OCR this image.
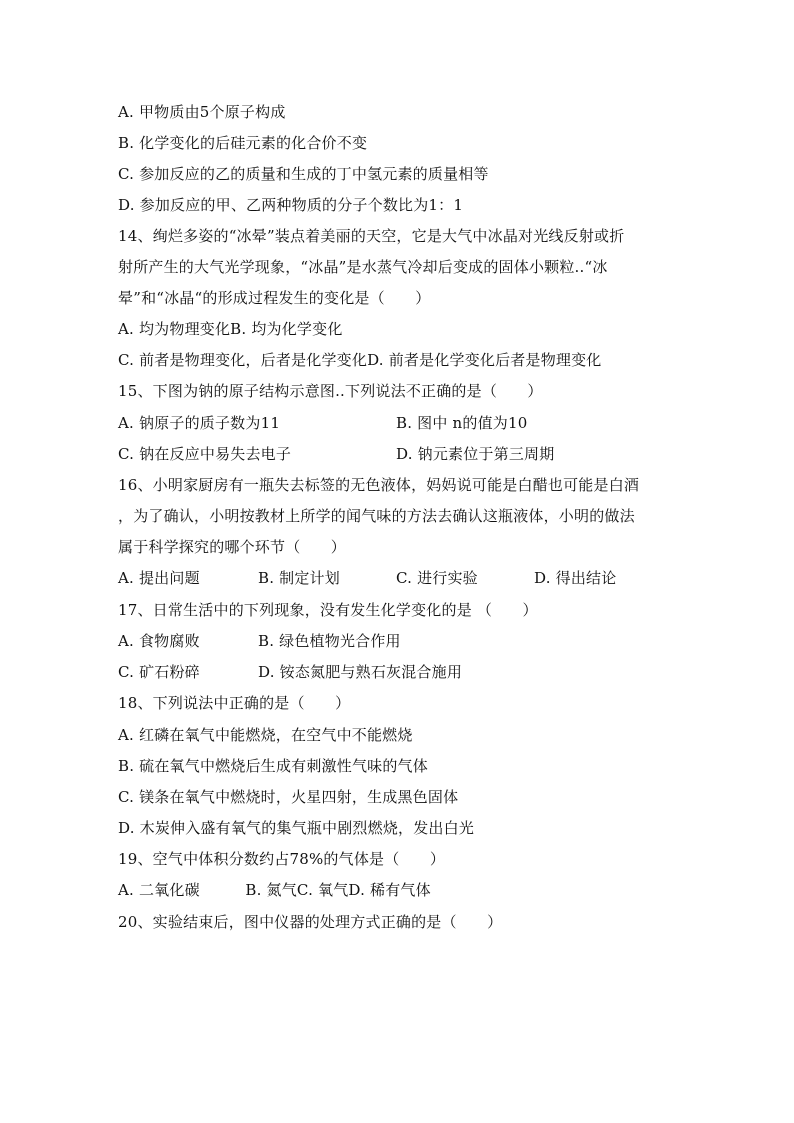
A. 甲物质由5个原子构成
B. 化学变化的后硅元素的化合价不变
C. 参加反应的乙的质量和生成的丁中氢元素的质量相等
D. 参加反应的甲、乙两种物质的分子个数比为1：1
14、绚烂多姿的“冰晕”装点着美丽的天空，它是大气中冰晶对光线反射或折
射所产生的大气光学现象，“冰晶”是水蒸气冷却后变成的固体小颗粒..“冰
晕”和“冰晶“的形成过程发生的变化是（　　）
A. 均为物理变化B. 均为化学变化
C. 前者是物理变化，后者是化学变化D. 前者是化学变化后者是物理变化
15、下图为钠的原子结构示意图..下列说法不正确的是（　　）
A. 钠原子的质子数为11	B. 图中 n的值为10
C. 钠在反应中易失去电子	D. 钠元素位于第三周期
16、小明家厨房有一瓶失去标签的无色液体，妈妈说可能是白醋也可能是白酒
，为了确认，小明按教材上所学的闻气味的方法去确认这瓶液体，小明的做法
属于科学探究的哪个环节（　　）
A. 提出问题	B. 制定计划	C. 进行实验	D. 得出结论
17、日常生活中的下列现象，没有发生化学变化的是 （　　）
A. 食物腐败	B. 绿色植物光合作用
C. 矿石粉碎	D. 铵态氮肥与熟石灰混合施用
18、下列说法中正确的是（　　）
A. 红磷在氧气中能燃烧，在空气中不能燃烧
B. 硫在氧气中燃烧后生成有刺激性气味的气体
C. 镁条在氧气中燃烧时，火星四射，生成黑色固体
D. 木炭伸入盛有氧气的集气瓶中剧烈燃烧，发出白光
19、空气中体积分数约占78%的气体是（　　）
A. 二氧化碳　　　B. 氮气C. 氧气D. 稀有气体
20、实验结束后，图中仪器的处理方式正确的是（　　）
